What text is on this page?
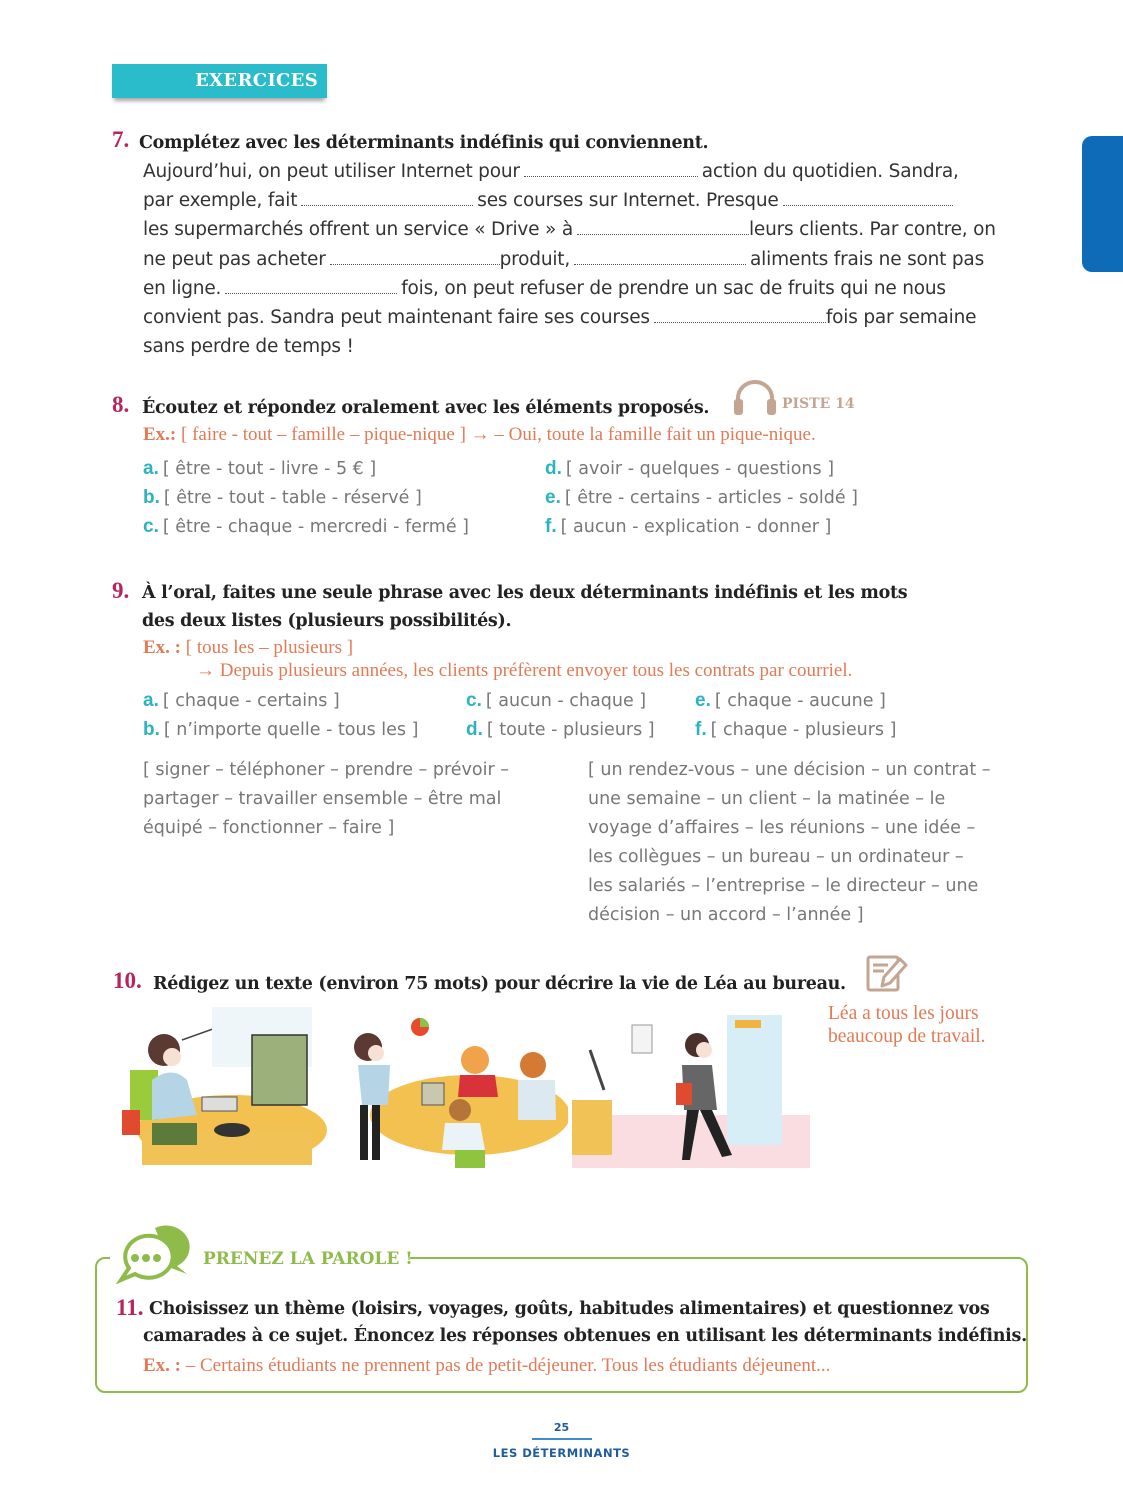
EXERCICES
7. Complétez avec les déterminants indéfinis qui conviennent.
Aujourd’hui, on peut utiliser Internet pour	action du quotidien. Sandra,
par exemple, fait	ses courses sur Internet. Presque
les supermarchés offrent un service « Drive » à	leurs clients. Par contre, on
ne peut pas acheter	produit,	aliments frais ne sont pas
en ligne.	fois, on peut refuser de prendre un sac de fruits qui ne nous
convient pas. Sandra peut maintenant faire ses courses	fois par semaine
sans perdre de temps !
8. Écoutez et répondez oralement avec les éléments proposés.	PISTE 14
Ex.: [ faire - tout – famille – pique-nique ] → – Oui, toute la famille fait un pique-nique.
a. [ être - tout - livre - 5 € ]
b. [ être - tout - table - réservé ]
c. [ être - chaque - mercredi - fermé ]
d. [ avoir - quelques - questions ]
e. [ être - certains - articles - soldé ]
f. [ aucun - explication - donner ]
9. À l’oral, faites une seule phrase avec les deux déterminants indéfinis et les mots
des deux listes (plusieurs possibilités).
Ex. : [ tous les – plusieurs ]
→ Depuis plusieurs années, les clients préfèrent envoyer tous les contrats par courriel.
a. [ chaque - certains ]
b. [ n’importe quelle - tous les ]
c. [ aucun - chaque ]
d. [ toute - plusieurs ]
e. [ chaque - aucune ]
f. [ chaque - plusieurs ]
[ signer – téléphoner – prendre – prévoir –
partager – travailler ensemble – être mal
équipé – fonctionner – faire ]
[ un rendez-vous – une décision – un contrat –
une semaine – un client – la matinée – le
voyage d’affaires – les réunions – une idée –
les collègues – un bureau – un ordinateur –
les salariés – l’entreprise – le directeur – une
décision – un accord – l’année ]
10. Rédigez un texte (environ 75 mots) pour décrire la vie de Léa au bureau.
Léa a tous les jours
beaucoup de travail.
PRENEZ LA PAROLE !
11. Choisissez un thème (loisirs, voyages, goûts, habitudes alimentaires) et questionnez vos
camarades à ce sujet. Énoncez les réponses obtenues en utilisant les déterminants indéfinis.
Ex. : – Certains étudiants ne prennent pas de petit-déjeuner. Tous les étudiants déjeunent...
25
LES DÉTERMINANTS
